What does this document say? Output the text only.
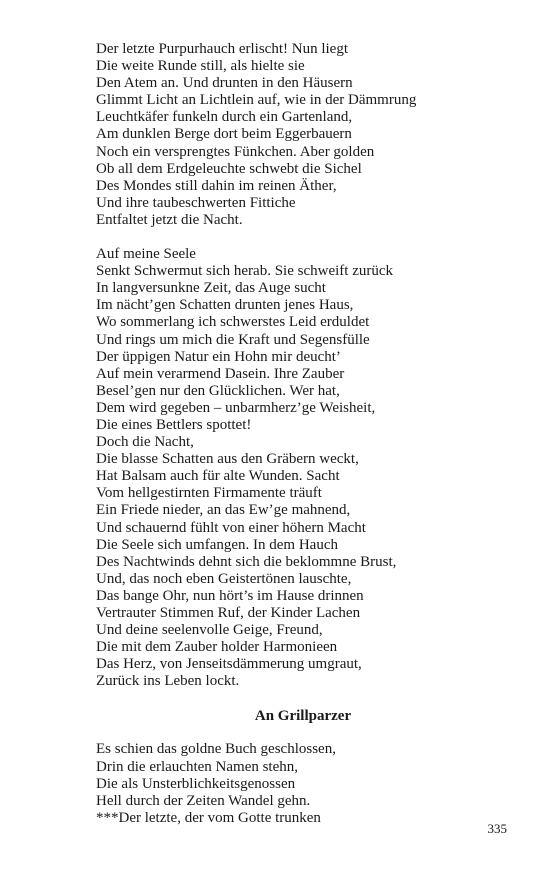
Der letzte Purpurhauch erlischt! Nun liegt
Die weite Runde still, als hielte sie
Den Atem an. Und drunten in den Häusern
Glimmt Licht an Lichtlein auf, wie in der Dämmrung
Leuchtkäfer funkeln durch ein Gartenland,
Am dunklen Berge dort beim Eggerbauern
Noch ein versprengtes Fünkchen. Aber golden
Ob all dem Erdgeleuchte schwebt die Sichel
Des Mondes still dahin im reinen Äther,
Und ihre taubeschwerten Fittiche
Entfaltet jetzt die Nacht.
Auf meine Seele
Senkt Schwermut sich herab. Sie schweift zurück
In langversunkne Zeit, das Auge sucht
Im nächt’gen Schatten drunten jenes Haus,
Wo sommerlang ich schwerstes Leid erduldet
Und rings um mich die Kraft und Segensfülle
Der üppigen Natur ein Hohn mir deucht’
Auf mein verarmend Dasein. Ihre Zauber
Besel’gen nur den Glücklichen. Wer hat,
Dem wird gegeben – unbarmherz’ge Weisheit,
Die eines Bettlers spottet!
Doch die Nacht,
Die blasse Schatten aus den Gräbern weckt,
Hat Balsam auch für alte Wunden. Sacht
Vom hellgestirnten Firmamente träuft
Ein Friede nieder, an das Ew’ge mahnend,
Und schauernd fühlt von einer höhern Macht
Die Seele sich umfangen. In dem Hauch
Des Nachtwinds dehnt sich die beklommne Brust,
Und, das noch eben Geistertönen lauschte,
Das bange Ohr, nun hört’s im Hause drinnen
Vertrauter Stimmen Ruf, der Kinder Lachen
Und deine seelenvolle Geige, Freund,
Die mit dem Zauber holder Harmonieen
Das Herz, von Jenseitsdämmerung umgraut,
Zurück ins Leben lockt.
An Grillparzer
Es schien das goldne Buch geschlossen,
Drin die erlauchten Namen stehn,
Die als Unsterblichkeitsgenossen
Hell durch der Zeiten Wandel gehn.
***Der letzte, der vom Gotte trunken
335
